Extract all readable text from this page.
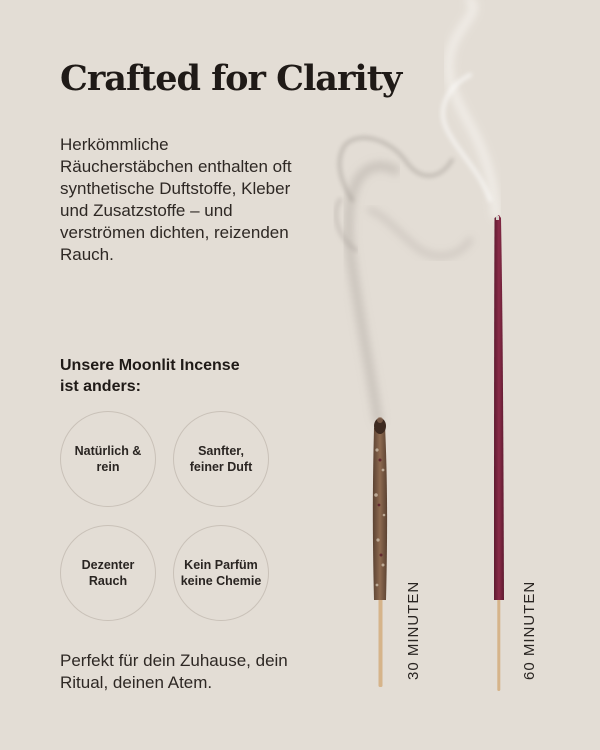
Crafted for Clarity

Herkömmliche Räucherstäbchen enthalten oft synthetische Duftstoffe, Kleber und Zusatzstoffe – und verströmen dichten, reizenden Rauch.

Unsere Moonlit Incense ist anders:

Natürlich & rein
Sanfter, feiner Duft
Dezenter Rauch
Kein Parfüm keine Chemie

Perfekt für dein Zuhause, dein Ritual, deinen Atem.

30 MINUTEN	60 MINUTEN
